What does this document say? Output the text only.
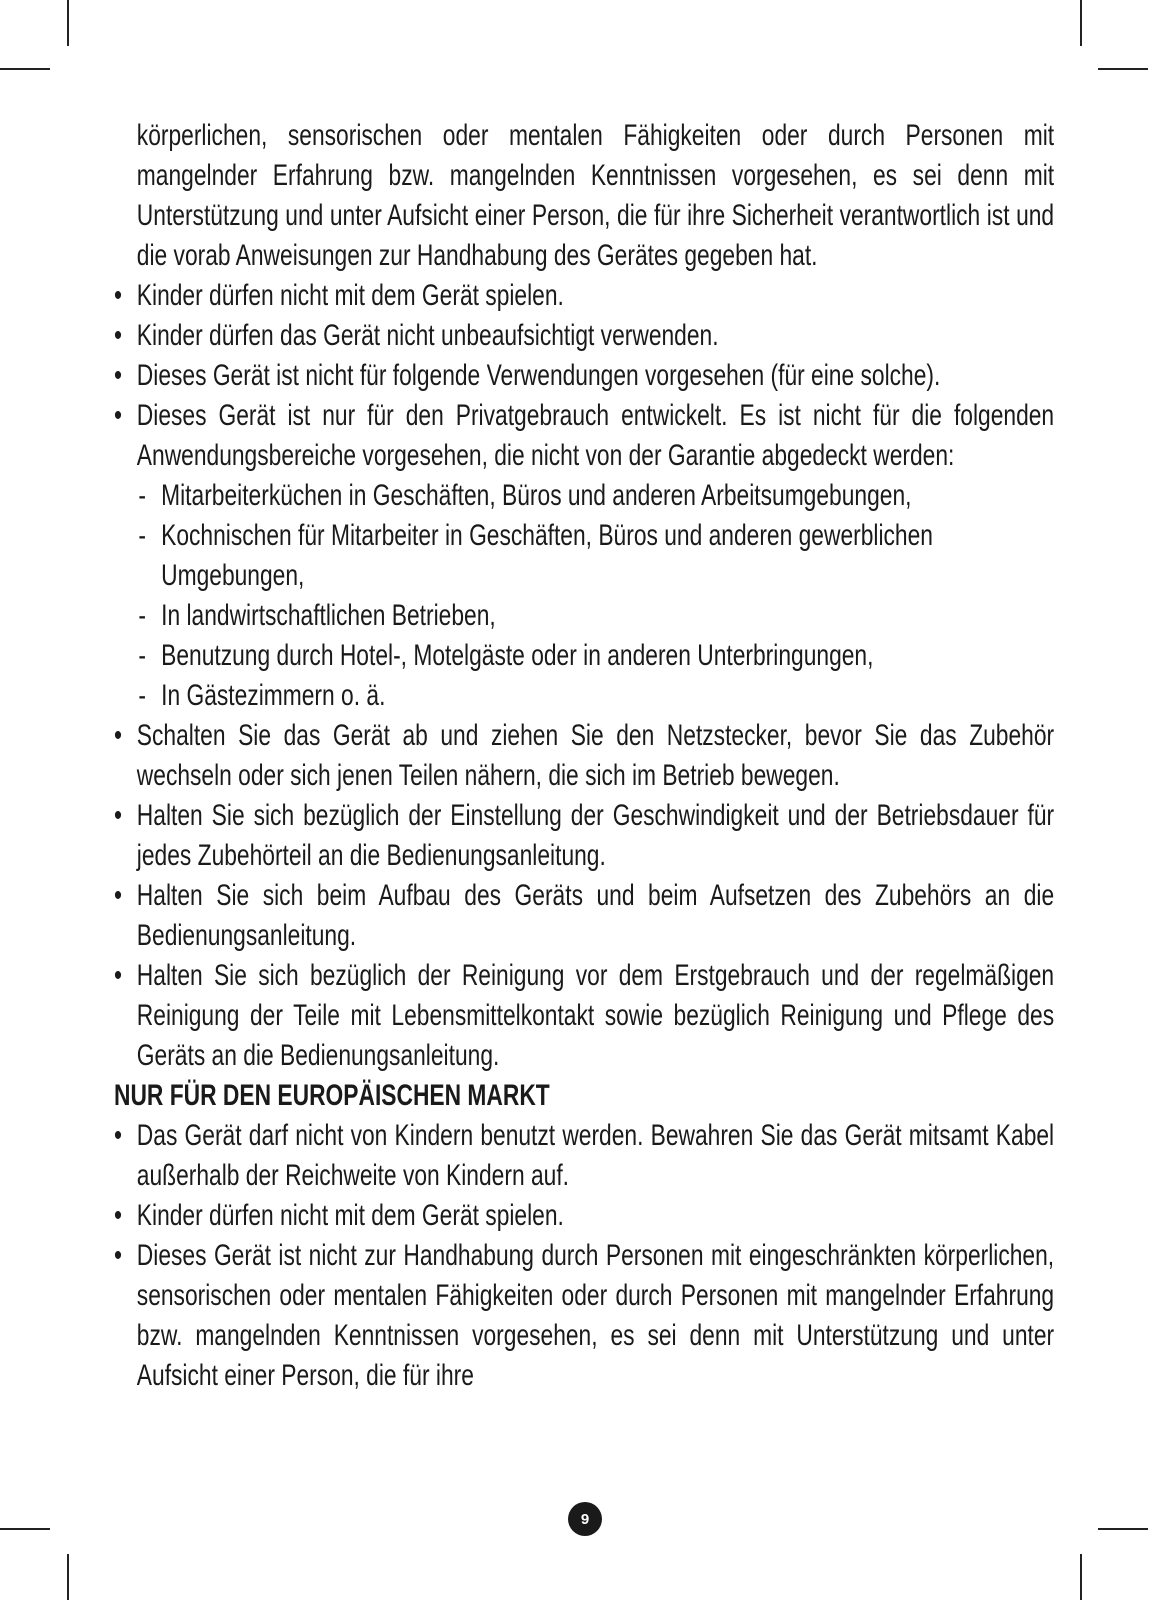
körperlichen, sensorischen oder mentalen Fähigkeiten oder durch Personen mit mangelnder Erfahrung bzw. mangelnden Kenntnissen vorgesehen, es sei denn mit Unterstützung und unter Aufsicht einer Person, die für ihre Sicherheit verantwortlich ist und die vorab Anweisungen zur Handhabung des Gerätes gegeben hat.

• Kinder dürfen nicht mit dem Gerät spielen.
• Kinder dürfen das Gerät nicht unbeaufsichtigt verwenden.
• Dieses Gerät ist nicht für folgende Verwendungen vorgesehen (für eine solche).
• Dieses Gerät ist nur für den Privatgebrauch entwickelt. Es ist nicht für die folgenden Anwendungsbereiche vorgesehen, die nicht von der Garantie abgedeckt werden:
- Mitarbeiterküchen in Geschäften, Büros und anderen Arbeitsumgebungen,
- Kochnischen für Mitarbeiter in Geschäften, Büros und anderen gewerblichen Umgebungen,
- In landwirtschaftlichen Betrieben,
- Benutzung durch Hotel-, Motelgäste oder in anderen Unterbringungen,
- In Gästezimmern o. ä.
• Schalten Sie das Gerät ab und ziehen Sie den Netzstecker, bevor Sie das Zubehör wechseln oder sich jenen Teilen nähern, die sich im Betrieb bewegen.
• Halten Sie sich bezüglich der Einstellung der Geschwindigkeit und der Betriebsdauer für jedes Zubehörteil an die Bedienungsanleitung.
• Halten Sie sich beim Aufbau des Geräts und beim Aufsetzen des Zubehörs an die Bedienungsanleitung.
• Halten Sie sich bezüglich der Reinigung vor dem Erstgebrauch und der regelmäßigen Reinigung der Teile mit Lebensmittelkontakt sowie bezüglich Reinigung und Pflege des Geräts an die Bedienungsanleitung.

NUR FÜR DEN EUROPÄISCHEN MARKT

• Das Gerät darf nicht von Kindern benutzt werden. Bewahren Sie das Gerät mitsamt Kabel außerhalb der Reichweite von Kindern auf.
• Kinder dürfen nicht mit dem Gerät spielen.
• Dieses Gerät ist nicht zur Handhabung durch Personen mit eingeschränkten körperlichen, sensorischen oder mentalen Fähigkeiten oder durch Personen mit mangelnder Erfahrung bzw. mangelnden Kenntnissen vorgesehen, es sei denn mit Unterstützung und unter Aufsicht einer Person, die für ihre
9
